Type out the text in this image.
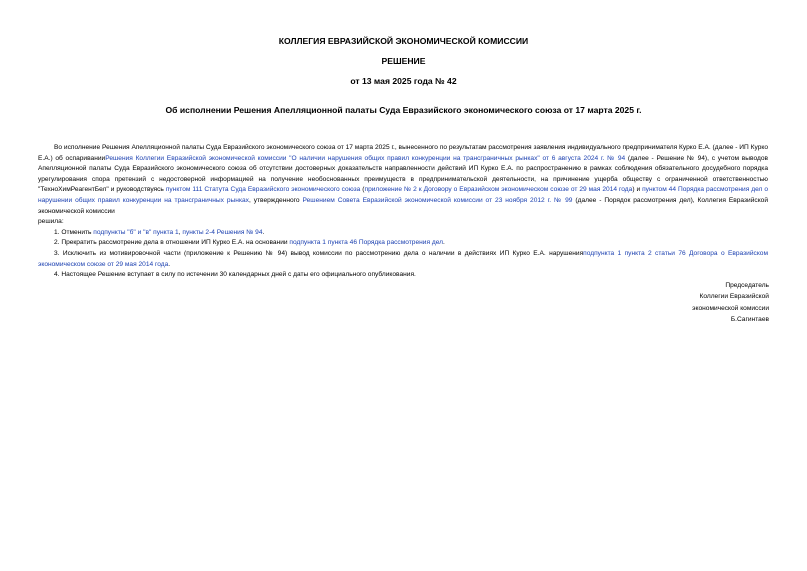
КОЛЛЕГИЯ ЕВРАЗИЙСКОЙ ЭКОНОМИЧЕСКОЙ КОМИССИИ
РЕШЕНИЕ
от 13 мая 2025 года № 42
Об исполнении Решения Апелляционной палаты Суда Евразийского экономического союза от 17 марта 2025 г.

Во исполнение Решения Апелляционной палаты Суда Евразийского экономического союза от 17 марта 2025 г., вынесенного по результатам рассмотрения заявления индивидуального предпринимателя Курко Е.А. (далее - ИП Курко Е.А.) об оспариванииРешения Коллегии Евразийской экономической комиссии "О наличии нарушения общих правил конкуренции на трансграничных рынках" от 6 августа 2024 г. № 94 (далее - Решение № 94), с учетом выводов Апелляционной палаты Суда Евразийского экономического союза об отсутствии достоверных доказательств направленности действий ИП Курко Е.А. по распространению в рамках соблюдения обязательного досудебного порядка урегулирования спора претензий с недостоверной информацией на получение необоснованных преимуществ в предпринимательской деятельности, на причинение ущерба обществу с ограниченной ответственностью "ТехноХимРеагентБел" и руководствуясь пунктом 111 Статута Суда Евразийского экономического союза (приложение № 2 к Договору о Евразийском экономическом союзе от 29 мая 2014 года) и пунктом 44 Порядка рассмотрения дел о нарушении общих правил конкуренции на трансграничных рынках, утвержденного Решением Совета Евразийской экономической комиссии от 23 ноября 2012 г. № 99 (далее - Порядок рассмотрения дел), Коллегия Евразийской экономической комиссии

решила:

1. Отменить подпункты "б" и "в" пункта 1, пункты 2-4 Решения № 94.

2. Прекратить рассмотрение дела в отношении ИП Курко Е.А. на основании подпункта 1 пункта 46 Порядка рассмотрения дел.

3. Исключить из мотивировочной части (приложение к Решению № 94) вывод комиссии по рассмотрению дела о наличии в действиях ИП Курко Е.А. нарушенияподпункта 1 пункта 2 статьи 76 Договора о Евразийском экономическом союзе от 29 мая 2014 года.

4. Настоящее Решение вступает в силу по истечении 30 календарных дней с даты его официального опубликования.

Председатель
Коллегии Евразийской
экономической комиссии
Б.Сагинтаев
